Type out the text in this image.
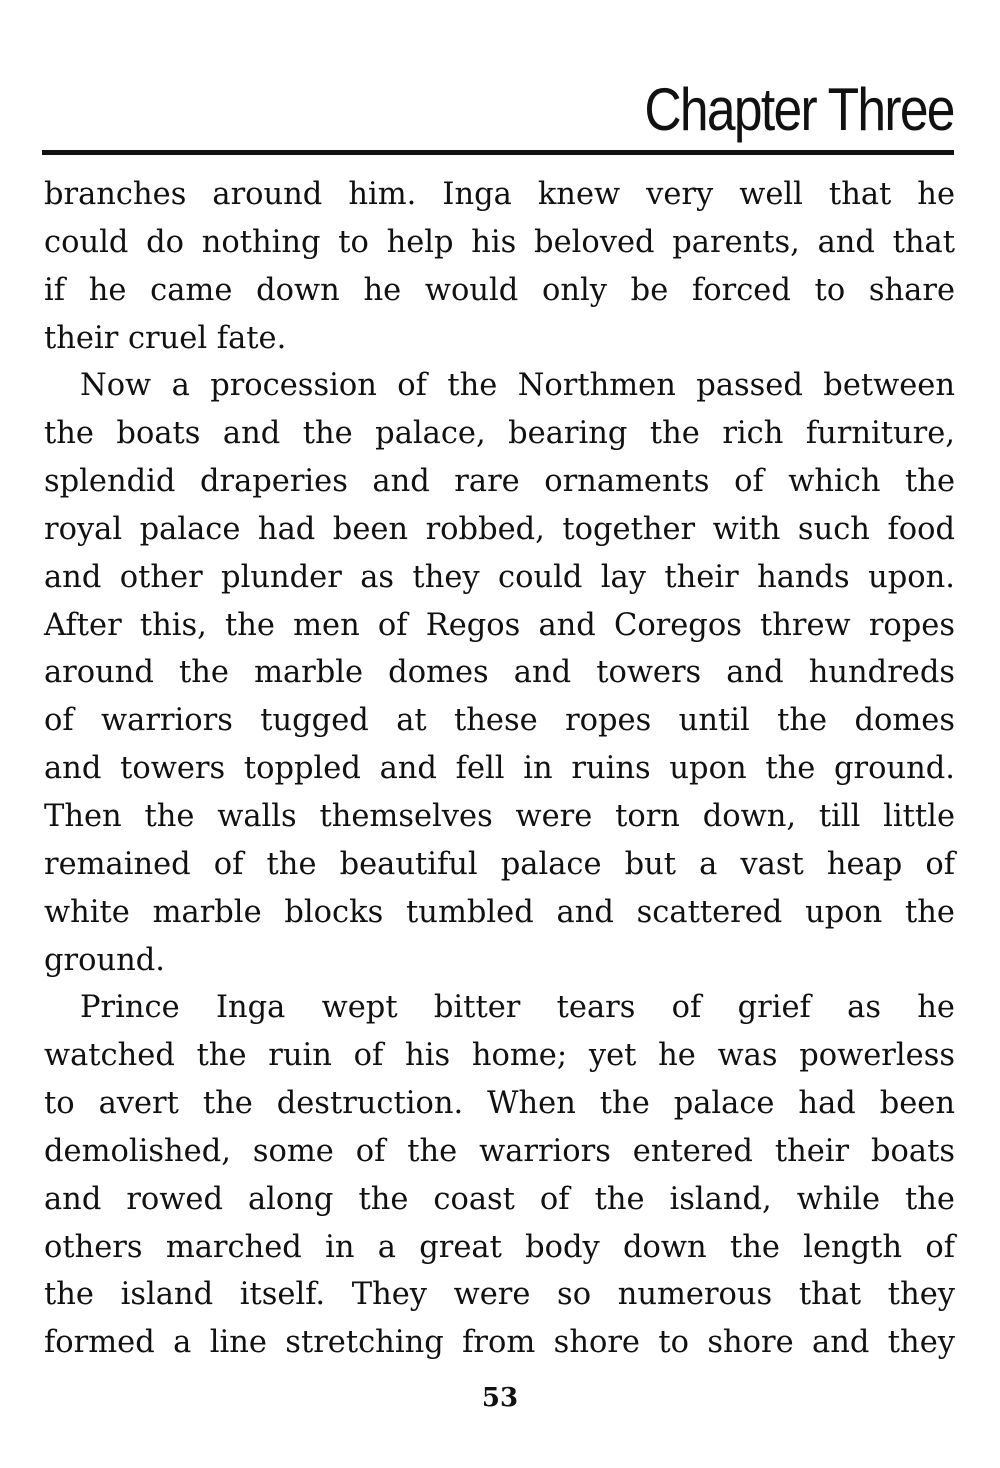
Chapter Three
branches around him. Inga knew very well that he
could do nothing to help his beloved parents, and that
if he came down he would only be forced to share
their cruel fate.
Now a procession of the Northmen passed between
the boats and the palace, bearing the rich furniture,
splendid draperies and rare ornaments of which the
royal palace had been robbed, together with such food
and other plunder as they could lay their hands upon.
After this, the men of Regos and Coregos threw ropes
around the marble domes and towers and hundreds
of warriors tugged at these ropes until the domes
and towers toppled and fell in ruins upon the ground.
Then the walls themselves were torn down, till little
remained of the beautiful palace but a vast heap of
white marble blocks tumbled and scattered upon the
ground.
Prince Inga wept bitter tears of grief as he
watched the ruin of his home; yet he was powerless
to avert the destruction. When the palace had been
demolished, some of the warriors entered their boats
and rowed along the coast of the island, while the
others marched in a great body down the length of
the island itself. They were so numerous that they
formed a line stretching from shore to shore and they
53
